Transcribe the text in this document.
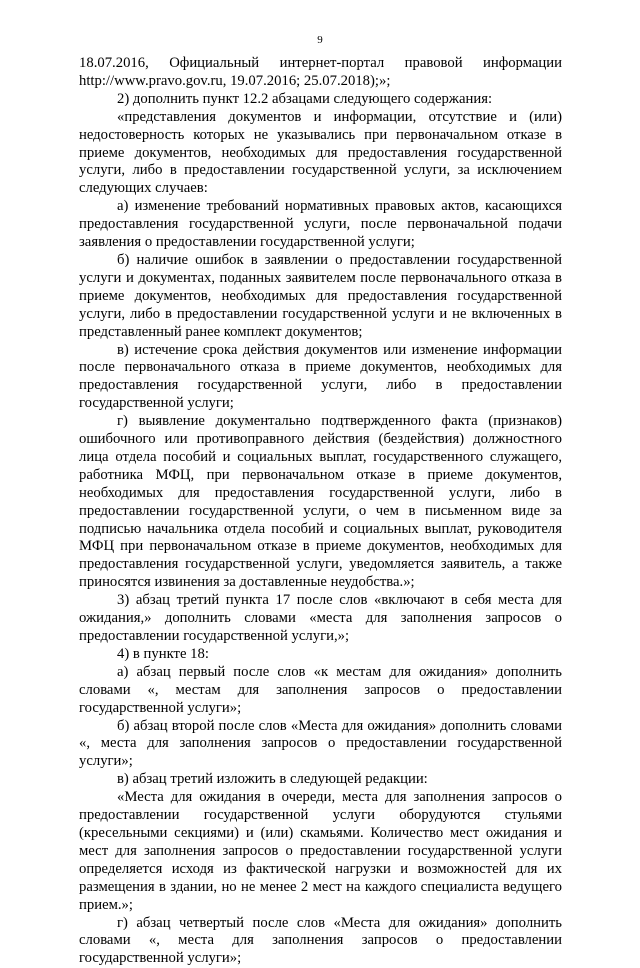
9

18.07.2016, Официальный интернет-портал правовой информации http://www.pravo.gov.ru, 19.07.2016; 25.07.2018);»;

2) дополнить пункт 12.2 абзацами следующего содержания:

«представления документов и информации, отсутствие и (или) недостоверность которых не указывались при первоначальном отказе в приеме документов, необходимых для предоставления государственной услуги, либо в предоставлении государственной услуги, за исключением следующих случаев:

а) изменение требований нормативных правовых актов, касающихся предоставления государственной услуги, после первоначальной подачи заявления о предоставлении государственной услуги;

б) наличие ошибок в заявлении о предоставлении государственной услуги и документах, поданных заявителем после первоначального отказа в приеме документов, необходимых для предоставления государственной услуги, либо в предоставлении государственной услуги и не включенных в представленный ранее комплект документов;

в) истечение срока действия документов или изменение информации после первоначального отказа в приеме документов, необходимых для предоставления государственной услуги, либо в предоставлении государственной услуги;

г) выявление документально подтвержденного факта (признаков) ошибочного или противоправного действия (бездействия) должностного лица отдела пособий и социальных выплат, государственного служащего, работника МФЦ, при первоначальном отказе в приеме документов, необходимых для предоставления государственной услуги, либо в предоставлении государственной услуги, о чем в письменном виде за подписью начальника отдела пособий и социальных выплат, руководителя МФЦ при первоначальном отказе в приеме документов, необходимых для предоставления государственной услуги, уведомляется заявитель, а также приносятся извинения за доставленные неудобства.»;

3) абзац третий пункта 17 после слов «включают в себя места для ожидания,» дополнить словами «места для заполнения запросов о предоставлении государственной услуги,»;

4) в пункте 18:

а) абзац первый после слов «к местам для ожидания» дополнить словами «, местам для заполнения запросов о предоставлении государственной услуги»;

б) абзац второй после слов «Места для ожидания» дополнить словами «, места для заполнения запросов о предоставлении государственной услуги»;

в) абзац третий изложить в следующей редакции:

«Места для ожидания в очереди, места для заполнения запросов о предоставлении государственной услуги оборудуются стульями (кресельными секциями) и (или) скамьями. Количество мест ожидания и мест для заполнения запросов о предоставлении государственной услуги определяется исходя из фактической нагрузки и возможностей для их размещения в здании, но не менее 2 мест на каждого специалиста ведущего прием.»;

г) абзац четвертый после слов «Места для ожидания» дополнить словами «, места для заполнения запросов о предоставлении государственной услуги»;
